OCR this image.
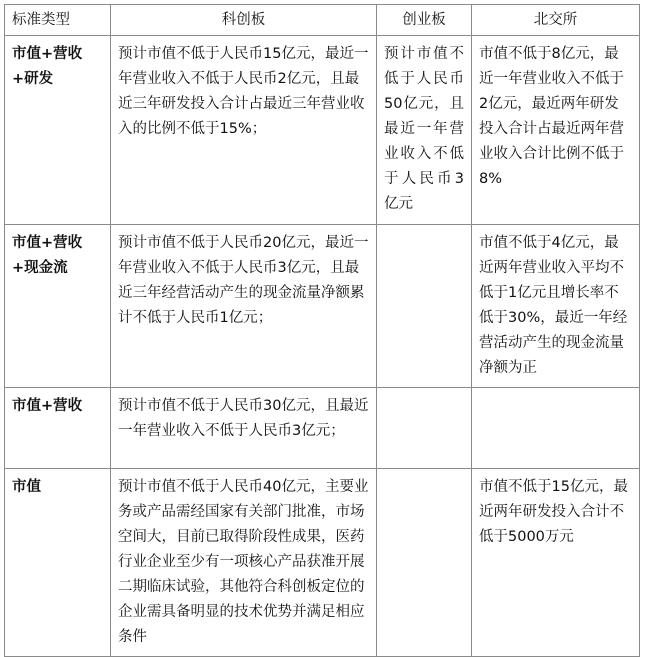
标准类型	科创板	创业板	北交所
市值+营收+研发	预计市值不低于人民币15亿元，最近一年营业收入不低于人民币2亿元，且最近三年研发投入合计占最近三年营业收入的比例不低于15%；	预计市值不低于人民币50亿元，且最近一年营业收入不低于人民币3亿元	市值不低于8亿元，最近一年营业收入不低于2亿元，最近两年研发投入合计占最近两年营业收入合计比例不低于8%
市值+营收+现金流	预计市值不低于人民币20亿元，最近一年营业收入不低于人民币3亿元，且最近三年经营活动产生的现金流量净额累计不低于人民币1亿元；		市值不低于4亿元，最近两年营业收入平均不低于1亿元且增长率不低于30%，最近一年经营活动产生的现金流量净额为正
市值+营收	预计市值不低于人民币30亿元，且最近一年营业收入不低于人民币3亿元；		
市值	预计市值不低于人民币40亿元，主要业务或产品需经国家有关部门批准，市场空间大，目前已取得阶段性成果，医药行业企业至少有一项核心产品获准开展二期临床试验，其他符合科创板定位的企业需具备明显的技术优势并满足相应条件		市值不低于15亿元，最近两年研发投入合计不低于5000万元
